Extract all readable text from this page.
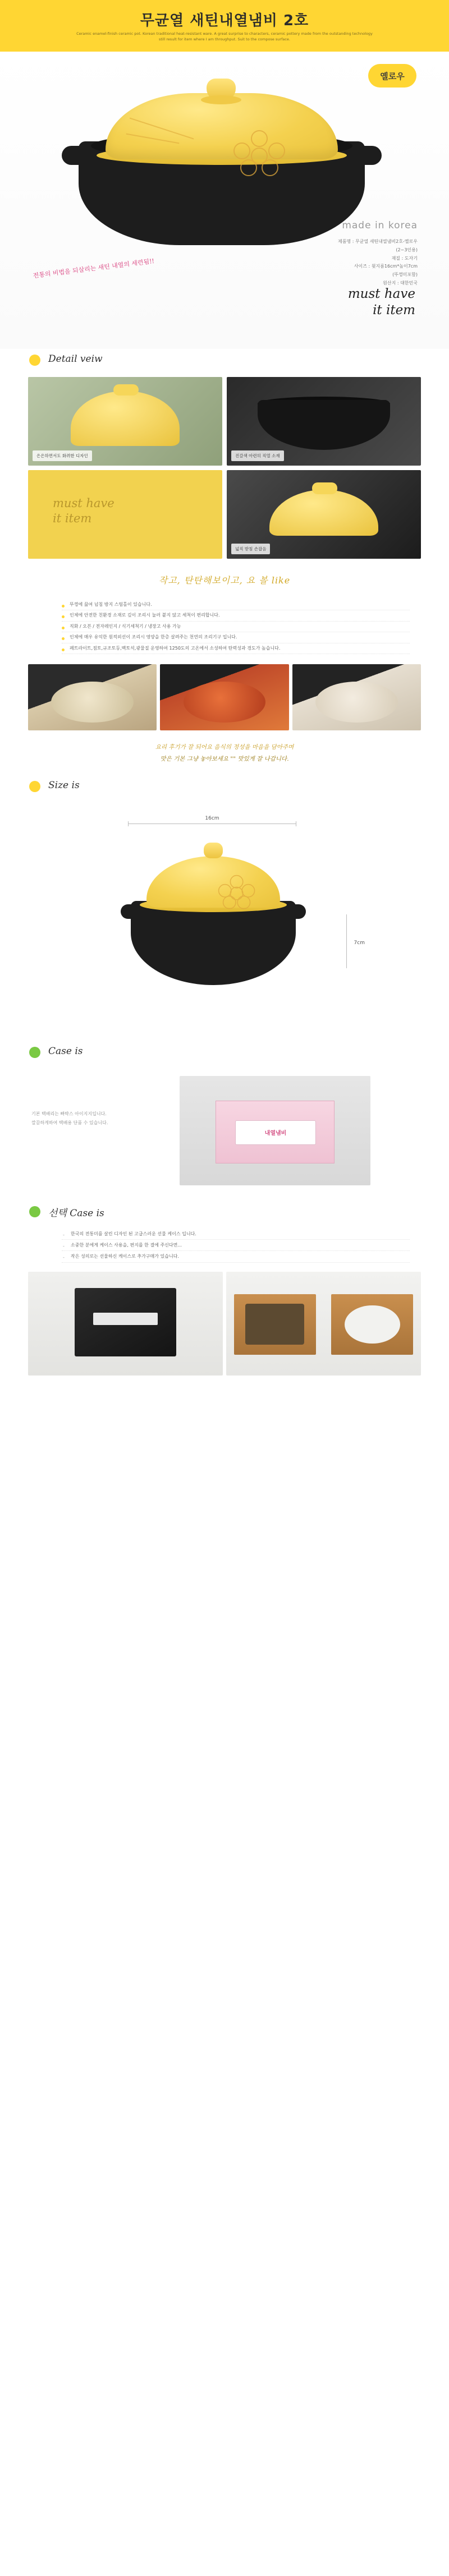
무균열 새틴내열냄비 2호
Ceramic enamel-finish ceramic pot. Korean traditional heat-resistant ware. A great surprise to characters, ceramic pottery made from the outstanding technology still result for item where I am throughput. Suit to the compose surface.
옐로우
made in korea
제품명 : 무균열 새틴내열냄비2호-옐로우
(2~3인용)
재질 : 도자기
사이즈 : 윗지름16cm*높이7cm
(뚜껑미포함)
원산지 : 대한민국
전통의 비법을 되살리는 새틴 내열의 세련됨!!
must have
it item
Detail veiw
은은하면서도 화려한 디자인	진갈색 아련히 직열 소재
must have
it item
넓직 받침 손잡음
작고, 탄탄해보이고, 요 볼 like
뚜껑에 끓여 넘침 방지 스팀홀이 있습니다.
인체에 안전한 친환경 소재로 깊이 조리시 눌러 붙지 않고 세척이 편리합니다.
직화 / 오븐 / 전자레인지 / 식기세척기 / 냉장고 사용 가능
인체에 매우 유익한 원적외선이 조리시 영양을 한층 살려주는 천연의 조리기구 입니다.
페트라이트,점토,규조토등,백토석,광물질 운영하여 1250도의 고온에서 소성하여 탄력성과 경도가 높습니다.
요리 후기가 잘 되어요 음식의 정성을 마음을 담아주며
맛은 기본 그냥 놓아보세요 "" 맛있게 잘 나갑니다.
Size is
16cm
7cm
Case is
기본 택배리는 빠박스 아이지지입니다.
깔끔하게하여 택배용 단품 수 있습니다.
내열냄비
선택 Case is
- 한국의 전통미를 살린 디자인 된 고급스러운 선물 케이스 입니다.
- 소중한 분에게 케이스 사용을, 편지를 한 결에 주신다면...
- 작은 성의로는 선물하신 케이스로 추가구매가 있습니다.
